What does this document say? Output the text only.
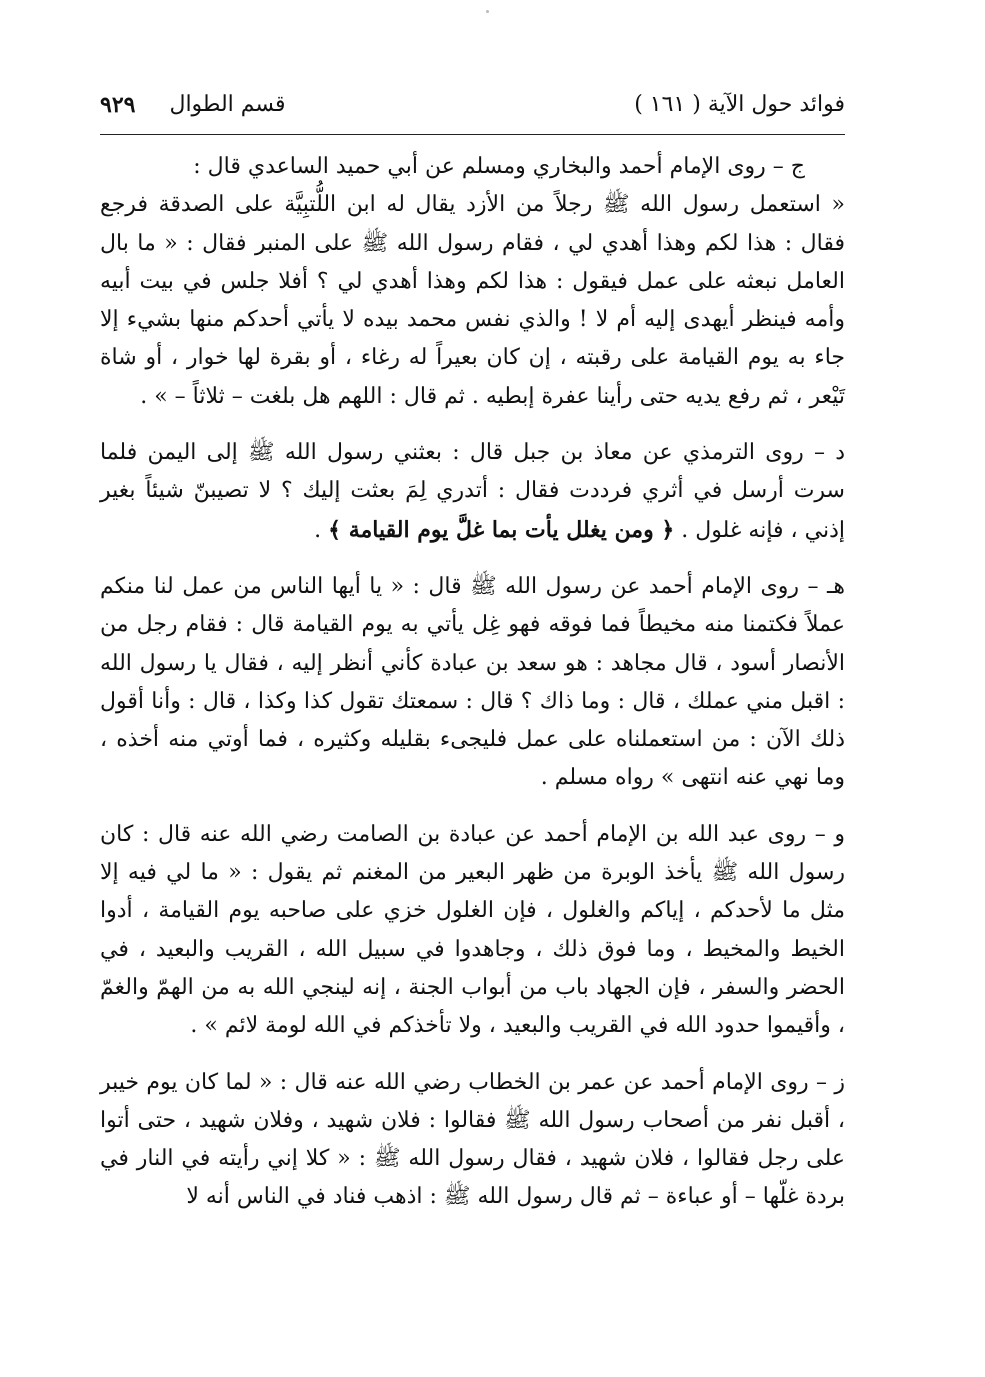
فوائد حول الآية ( ١٦١ )
قسم الطوال
٩٢٩

ج – روى الإمام أحمد والبخاري ومسلم عن أبي حميد الساعدي قال :

« استعمل رسول الله ﷺ رجلاً من الأزد يقال له ابن اللُّتبِيَّة على الصدقة فرجع فقال : هذا لكم وهذا أهدي لي ، فقام رسول الله ﷺ على المنبر فقال : « ما بال العامل نبعثه على عمل فيقول : هذا لكم وهذا أهدي لي ؟ أفلا جلس في بيت أبيه وأمه فينظر أيهدى إليه أم لا ! والذي نفس محمد بيده لا يأتي أحدكم منها بشيء إلا جاء به يوم القيامة على رقبته ، إن كان بعيراً له رغاء ، أو بقرة لها خوار ، أو شاة تَيْعر ، ثم رفع يديه حتى رأينا عفرة إبطيه . ثم قال : اللهم هل بلغت – ثلاثاً – » .

د – روى الترمذي عن معاذ بن جبل قال : بعثني رسول الله ﷺ إلى اليمن فلما سرت أرسل في أثري فرددت فقال : أتدري لِمَ بعثت إليك ؟ لا تصيبنّ شيئاً بغير إذني ، فإنه غلول . ﴿ ومن يغلل يأت بما غلَّ يوم القيامة ﴾ .

هـ – روى الإمام أحمد عن رسول الله ﷺ قال : « يا أيها الناس من عمل لنا منكم عملاً فكتمنا منه مخيطاً فما فوقه فهو غِل يأتي به يوم القيامة قال : فقام رجل من الأنصار أسود ، قال مجاهد : هو سعد بن عبادة كأني أنظر إليه ، فقال يا رسول الله : اقبل مني عملك ، قال : وما ذاك ؟ قال : سمعتك تقول كذا وكذا ، قال : وأنا أقول ذلك الآن : من استعملناه على عمل فليجىء بقليله وكثيره ، فما أوتي منه أخذه ، وما نهي عنه انتهى » رواه مسلم .

و – روى عبد الله بن الإمام أحمد عن عبادة بن الصامت رضي الله عنه قال : كان رسول الله ﷺ يأخذ الوبرة من ظهر البعير من المغنم ثم يقول : « ما لي فيه إلا مثل ما لأحدكم ، إياكم والغلول ، فإن الغلول خزي على صاحبه يوم القيامة ، أدوا الخيط والمخيط ، وما فوق ذلك ، وجاهدوا في سبيل الله ، القريب والبعيد ، في الحضر والسفر ، فإن الجهاد باب من أبواب الجنة ، إنه لينجي الله به من الهمّ والغمّ ، وأقيموا حدود الله في القريب والبعيد ، ولا تأخذكم في الله لومة لائم » .

ز – روى الإمام أحمد عن عمر بن الخطاب رضي الله عنه قال : « لما كان يوم خيبر ، أقبل نفر من أصحاب رسول الله ﷺ فقالوا : فلان شهيد ، وفلان شهيد ، حتى أتوا على رجل فقالوا ، فلان شهيد ، فقال رسول الله ﷺ : « كلا إني رأيته في النار في بردة غلّها – أو عباءة – ثم قال رسول الله ﷺ : اذهب فناد في الناس أنه لا
